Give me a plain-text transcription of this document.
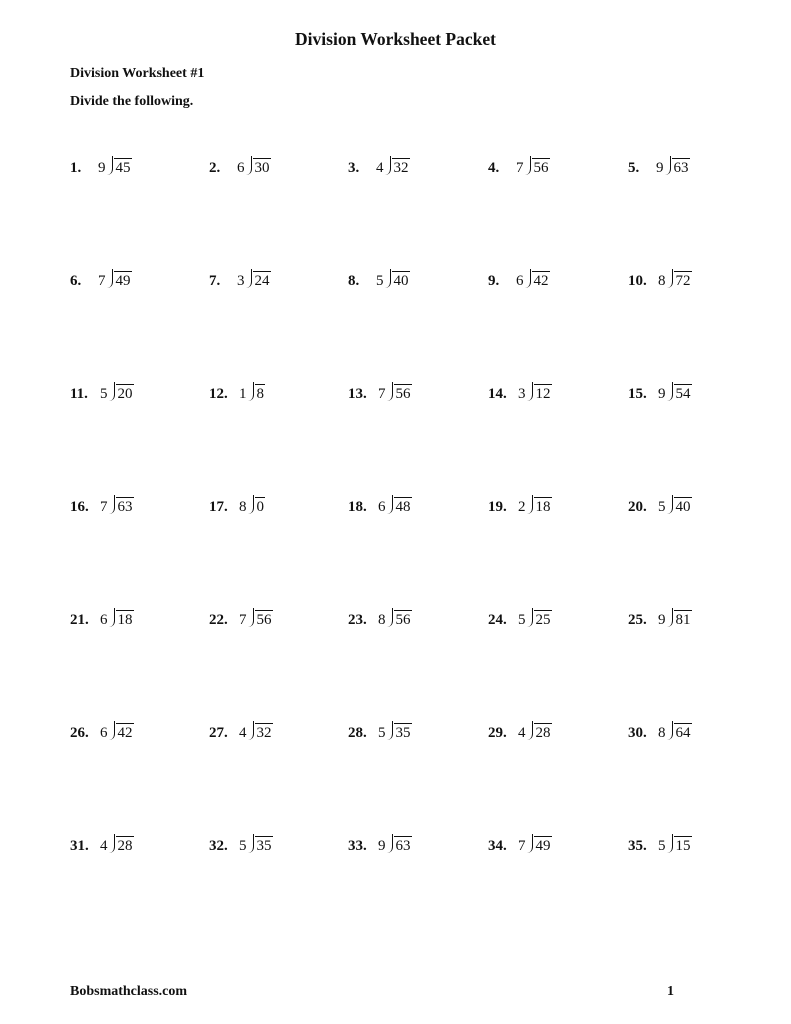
Division Worksheet Packet
Division Worksheet #1
Divide the following.
1. 9 45	2. 6 30	3. 4 32	4. 7 56	5. 9 63
6. 7 49	7. 3 24	8. 5 40	9. 6 42	10. 8 72
11. 5 20	12. 1 8	13. 7 56	14. 3 12	15. 9 54
16. 7 63	17. 8 0	18. 6 48	19. 2 18	20. 5 40
21. 6 18	22. 7 56	23. 8 56	24. 5 25	25. 9 81
26. 6 42	27. 4 32	28. 5 35	29. 4 28	30. 8 64
31. 4 28	32. 5 35	33. 9 63	34. 7 49	35. 5 15
Bobsmathclass.com	1
